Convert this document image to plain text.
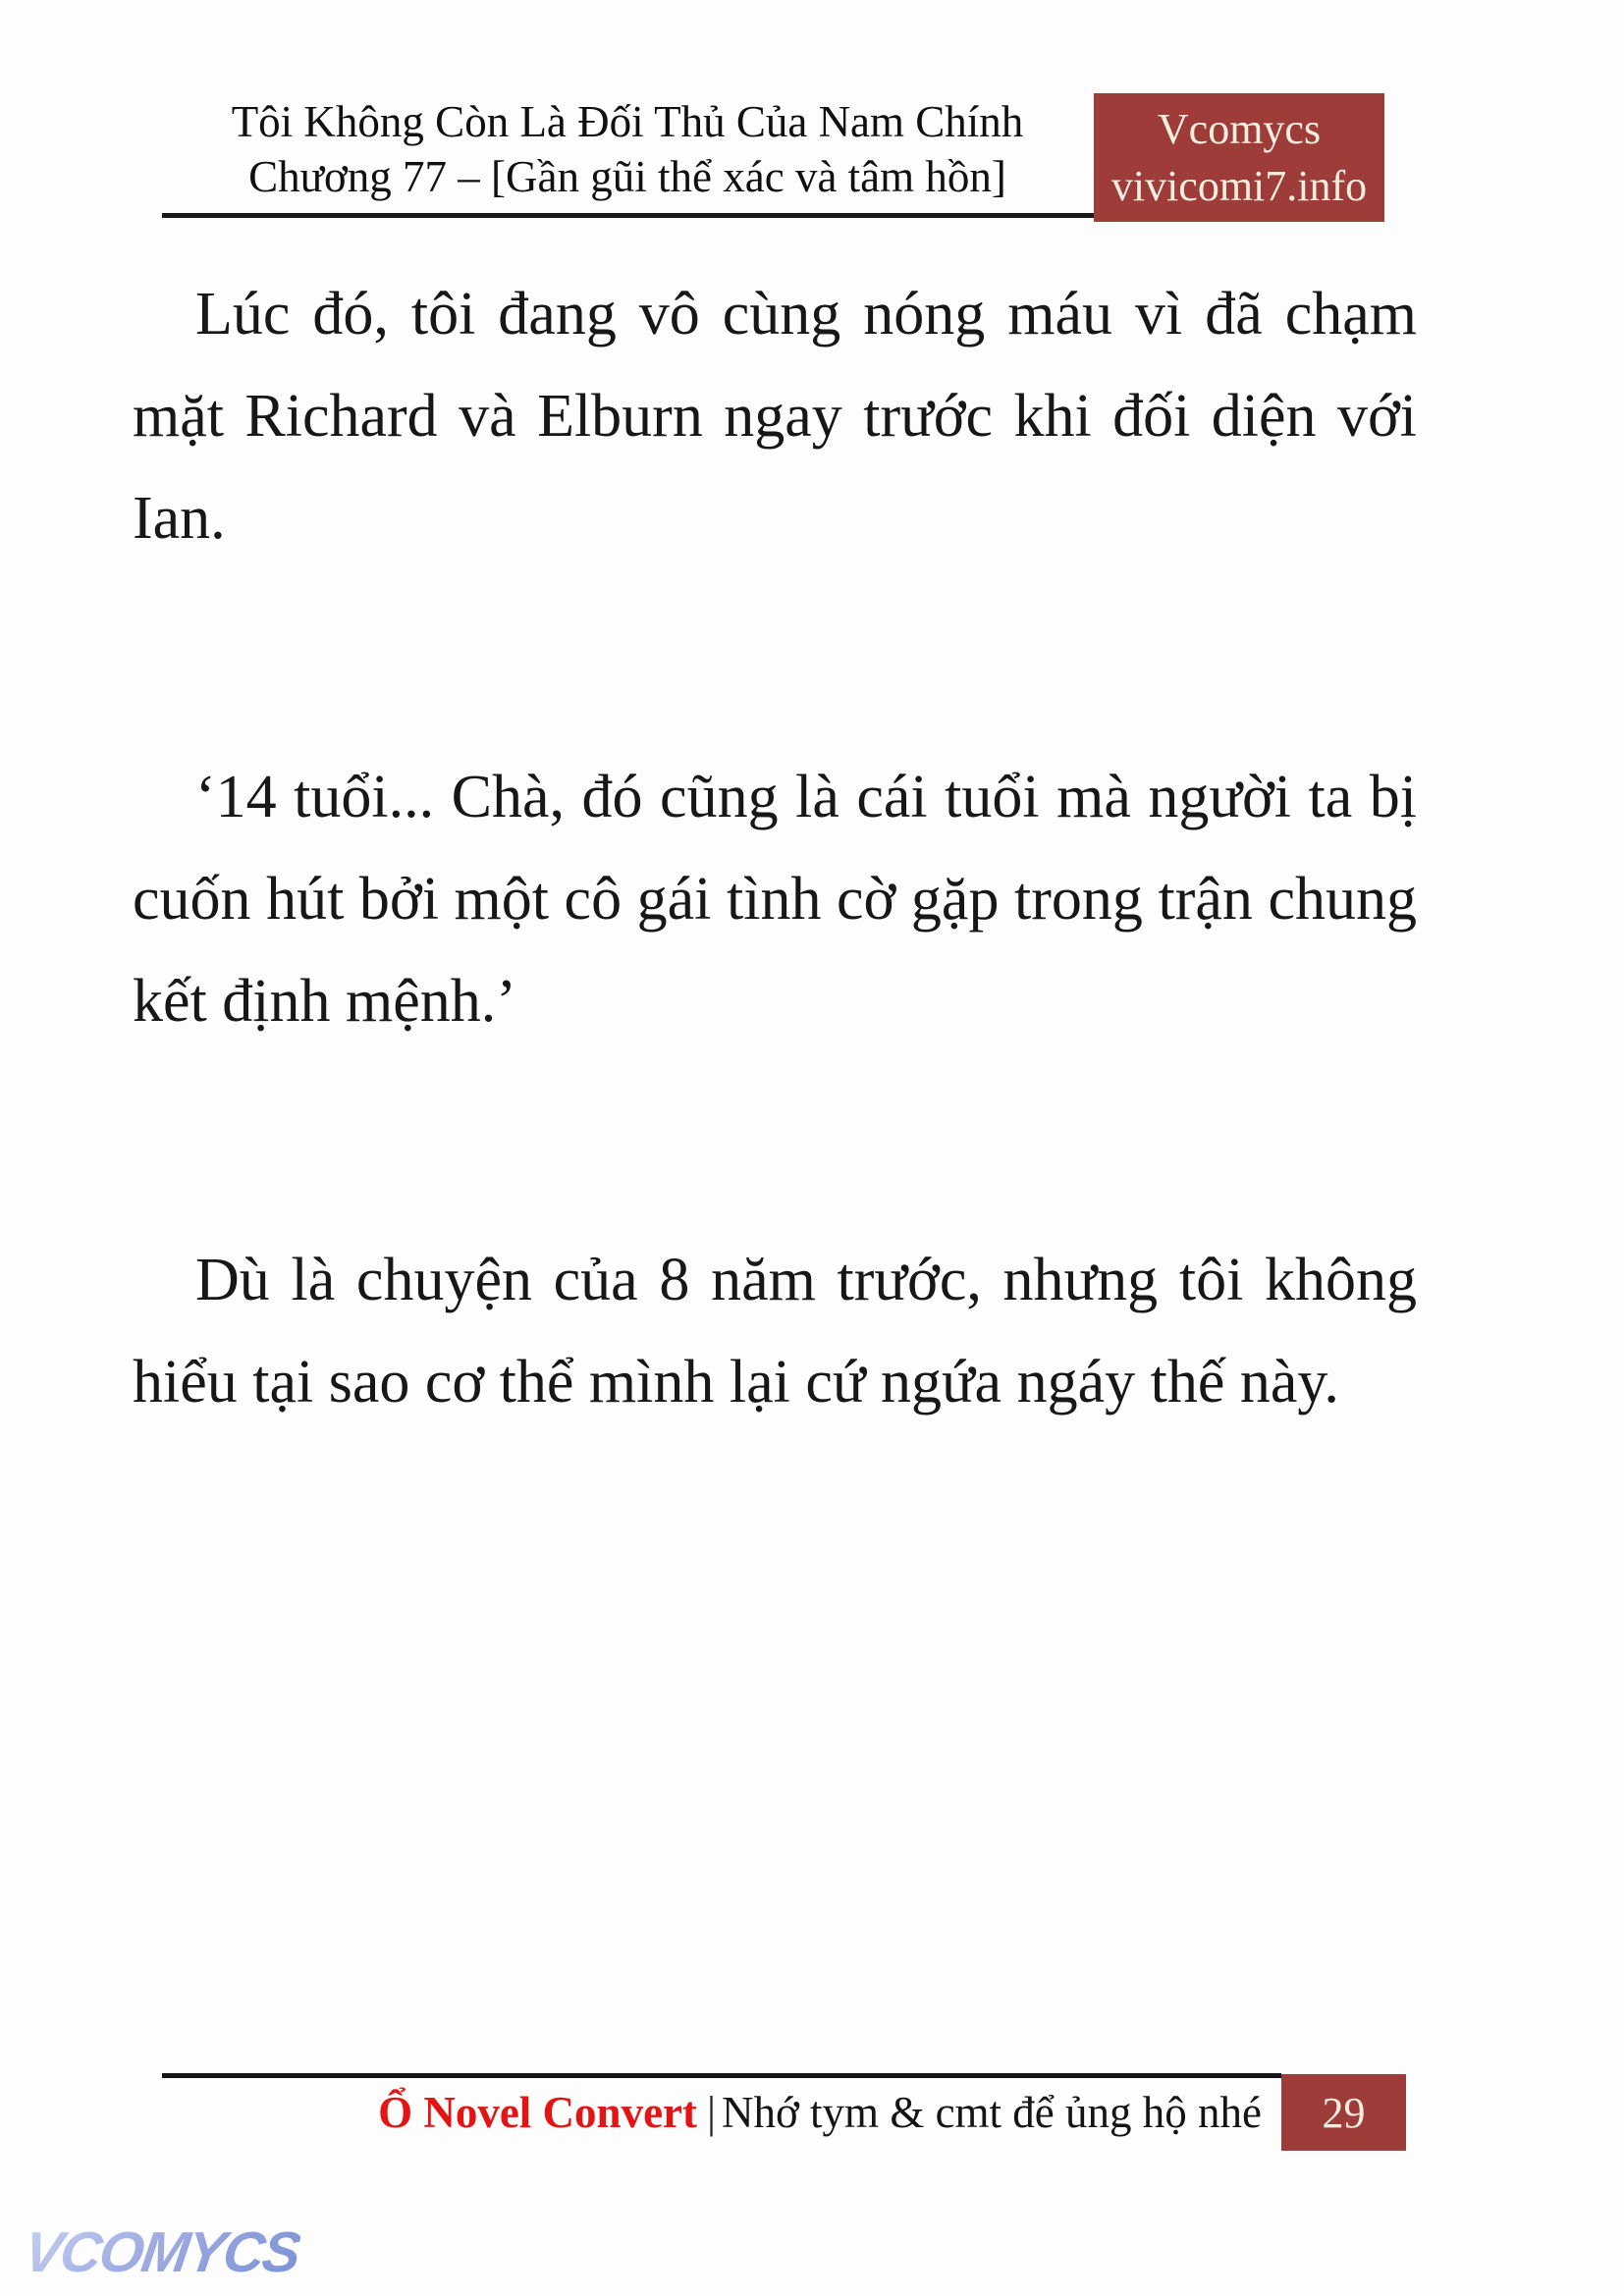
Tôi Không Còn Là Đối Thủ Của Nam Chính
Chương 77 – [Gần gũi thể xác và tâm hồn]
Vcomycs
vivicomi7.info

Lúc đó, tôi đang vô cùng nóng máu vì đã chạm mặt Richard và Elburn ngay trước khi đối diện với Ian.

‘14 tuổi... Chà, đó cũng là cái tuổi mà người ta bị cuốn hút bởi một cô gái tình cờ gặp trong trận chung kết định mệnh.’

Dù là chuyện của 8 năm trước, nhưng tôi không hiểu tại sao cơ thể mình lại cứ ngứa ngáy thế này.

Ổ Novel Convert | Nhớ tym & cmt để ủng hộ nhé 29
VCOMYCS
